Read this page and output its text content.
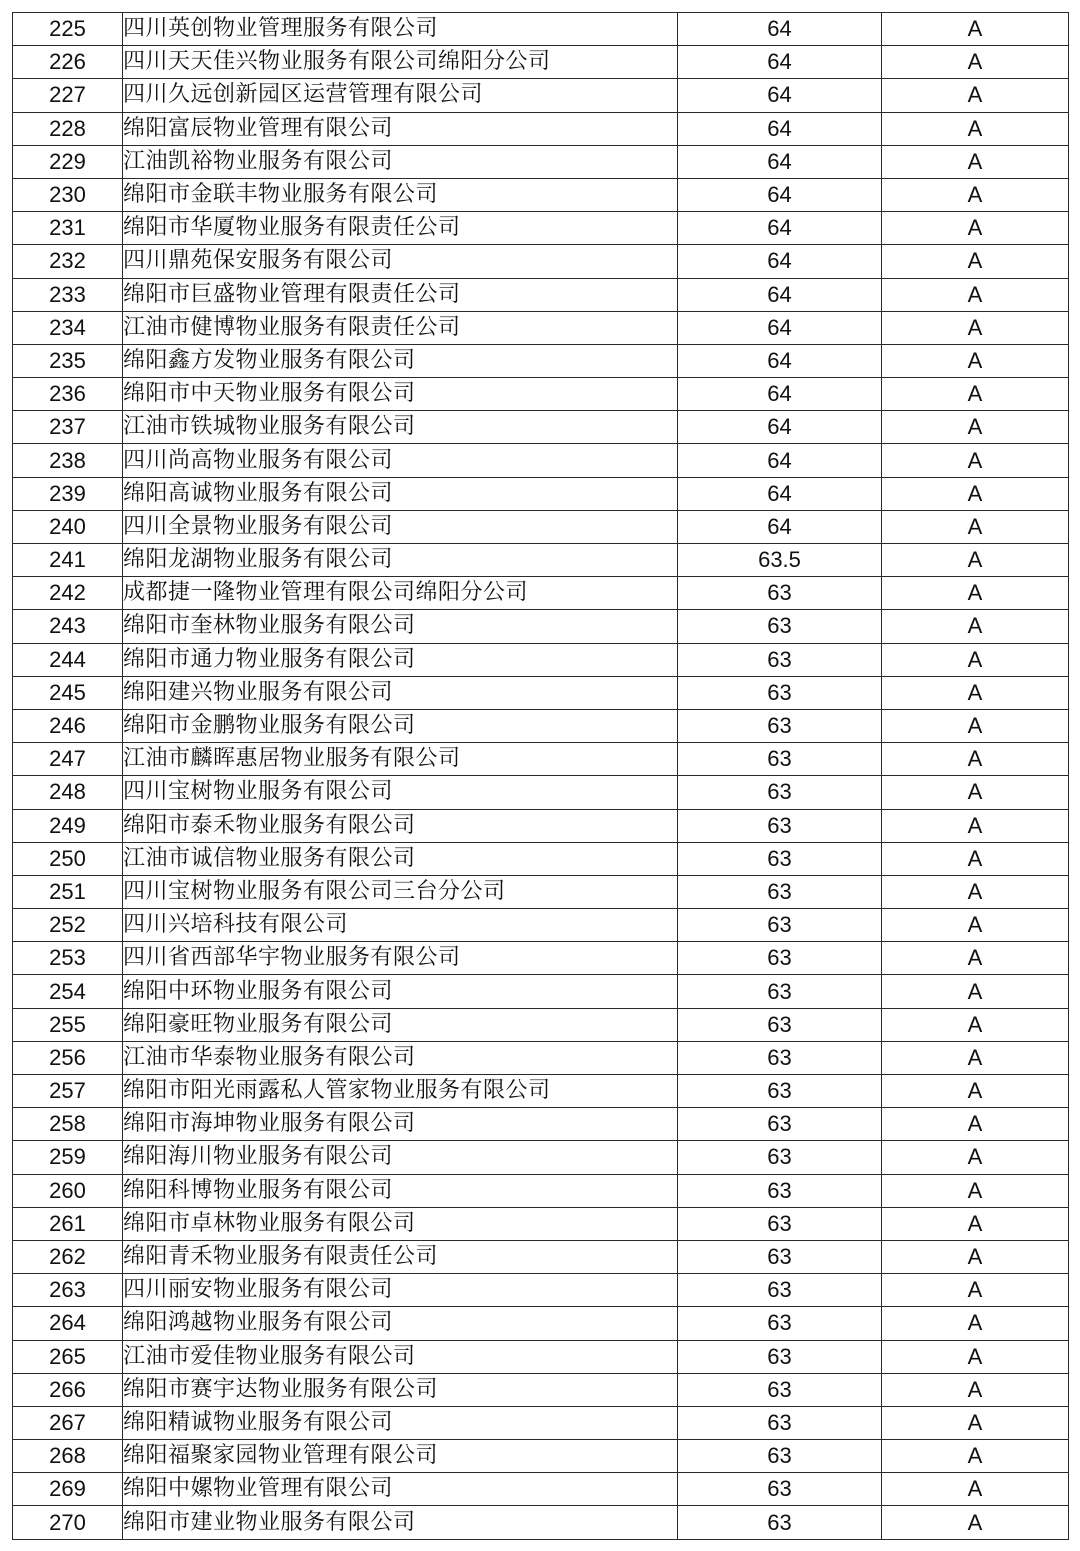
225	四川英创物业管理服务有限公司	64	A
226	四川天天佳兴物业服务有限公司绵阳分公司	64	A
227	四川久远创新园区运营管理有限公司	64	A
228	绵阳富辰物业管理有限公司	64	A
229	江油凯裕物业服务有限公司	64	A
230	绵阳市金联丰物业服务有限公司	64	A
231	绵阳市华厦物业服务有限责任公司	64	A
232	四川鼎苑保安服务有限公司	64	A
233	绵阳市巨盛物业管理有限责任公司	64	A
234	江油市健博物业服务有限责任公司	64	A
235	绵阳鑫方发物业服务有限公司	64	A
236	绵阳市中天物业服务有限公司	64	A
237	江油市铁城物业服务有限公司	64	A
238	四川尚高物业服务有限公司	64	A
239	绵阳高诚物业服务有限公司	64	A
240	四川全景物业服务有限公司	64	A
241	绵阳龙湖物业服务有限公司	63.5	A
242	成都捷一隆物业管理有限公司绵阳分公司	63	A
243	绵阳市奎林物业服务有限公司	63	A
244	绵阳市通力物业服务有限公司	63	A
245	绵阳建兴物业服务有限公司	63	A
246	绵阳市金鹏物业服务有限公司	63	A
247	江油市麟晖惠居物业服务有限公司	63	A
248	四川宝树物业服务有限公司	63	A
249	绵阳市泰禾物业服务有限公司	63	A
250	江油市诚信物业服务有限公司	63	A
251	四川宝树物业服务有限公司三台分公司	63	A
252	四川兴培科技有限公司	63	A
253	四川省西部华宇物业服务有限公司	63	A
254	绵阳中环物业服务有限公司	63	A
255	绵阳豪旺物业服务有限公司	63	A
256	江油市华泰物业服务有限公司	63	A
257	绵阳市阳光雨露私人管家物业服务有限公司	63	A
258	绵阳市海坤物业服务有限公司	63	A
259	绵阳海川物业服务有限公司	63	A
260	绵阳科博物业服务有限公司	63	A
261	绵阳市卓林物业服务有限公司	63	A
262	绵阳青禾物业服务有限责任公司	63	A
263	四川丽安物业服务有限公司	63	A
264	绵阳鸿越物业服务有限公司	63	A
265	江油市爱佳物业服务有限公司	63	A
266	绵阳市赛宇达物业服务有限公司	63	A
267	绵阳精诚物业服务有限公司	63	A
268	绵阳福聚家园物业管理有限公司	63	A
269	绵阳中嫘物业管理有限公司	63	A
270	绵阳市建业物业服务有限公司	63	A
